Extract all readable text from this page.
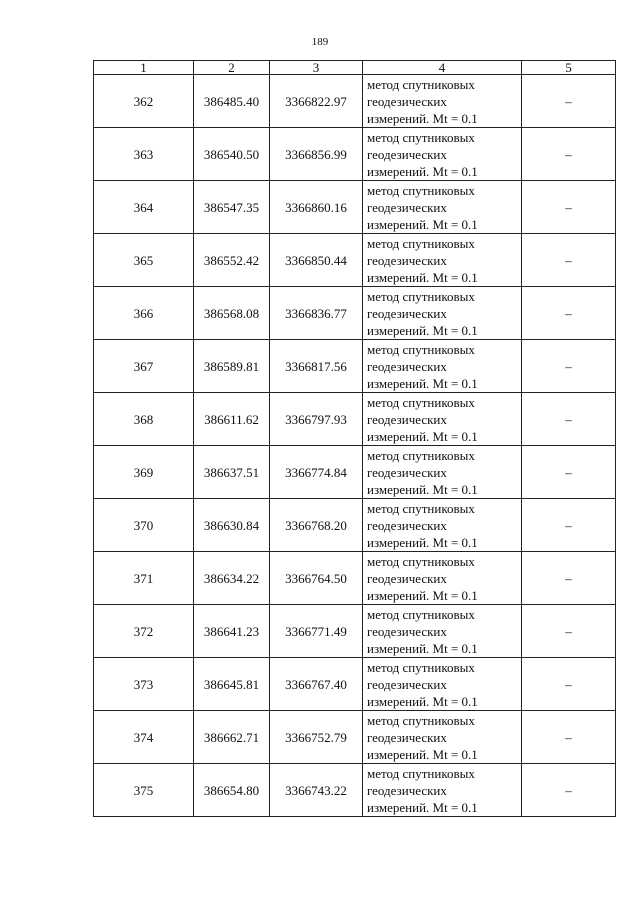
189
1	2	3	4	5
362	386485.40	3366822.97	метод спутниковых
геодезических
измерений. Mt = 0.1	–
363	386540.50	3366856.99	метод спутниковых
геодезических
измерений. Mt = 0.1	–
364	386547.35	3366860.16	метод спутниковых
геодезических
измерений. Mt = 0.1	–
365	386552.42	3366850.44	метод спутниковых
геодезических
измерений. Mt = 0.1	–
366	386568.08	3366836.77	метод спутниковых
геодезических
измерений. Mt = 0.1	–
367	386589.81	3366817.56	метод спутниковых
геодезических
измерений. Mt = 0.1	–
368	386611.62	3366797.93	метод спутниковых
геодезических
измерений. Mt = 0.1	–
369	386637.51	3366774.84	метод спутниковых
геодезических
измерений. Mt = 0.1	–
370	386630.84	3366768.20	метод спутниковых
геодезических
измерений. Mt = 0.1	–
371	386634.22	3366764.50	метод спутниковых
геодезических
измерений. Mt = 0.1	–
372	386641.23	3366771.49	метод спутниковых
геодезических
измерений. Mt = 0.1	–
373	386645.81	3366767.40	метод спутниковых
геодезических
измерений. Mt = 0.1	–
374	386662.71	3366752.79	метод спутниковых
геодезических
измерений. Mt = 0.1	–
375	386654.80	3366743.22	метод спутниковых
геодезических
измерений. Mt = 0.1	–
